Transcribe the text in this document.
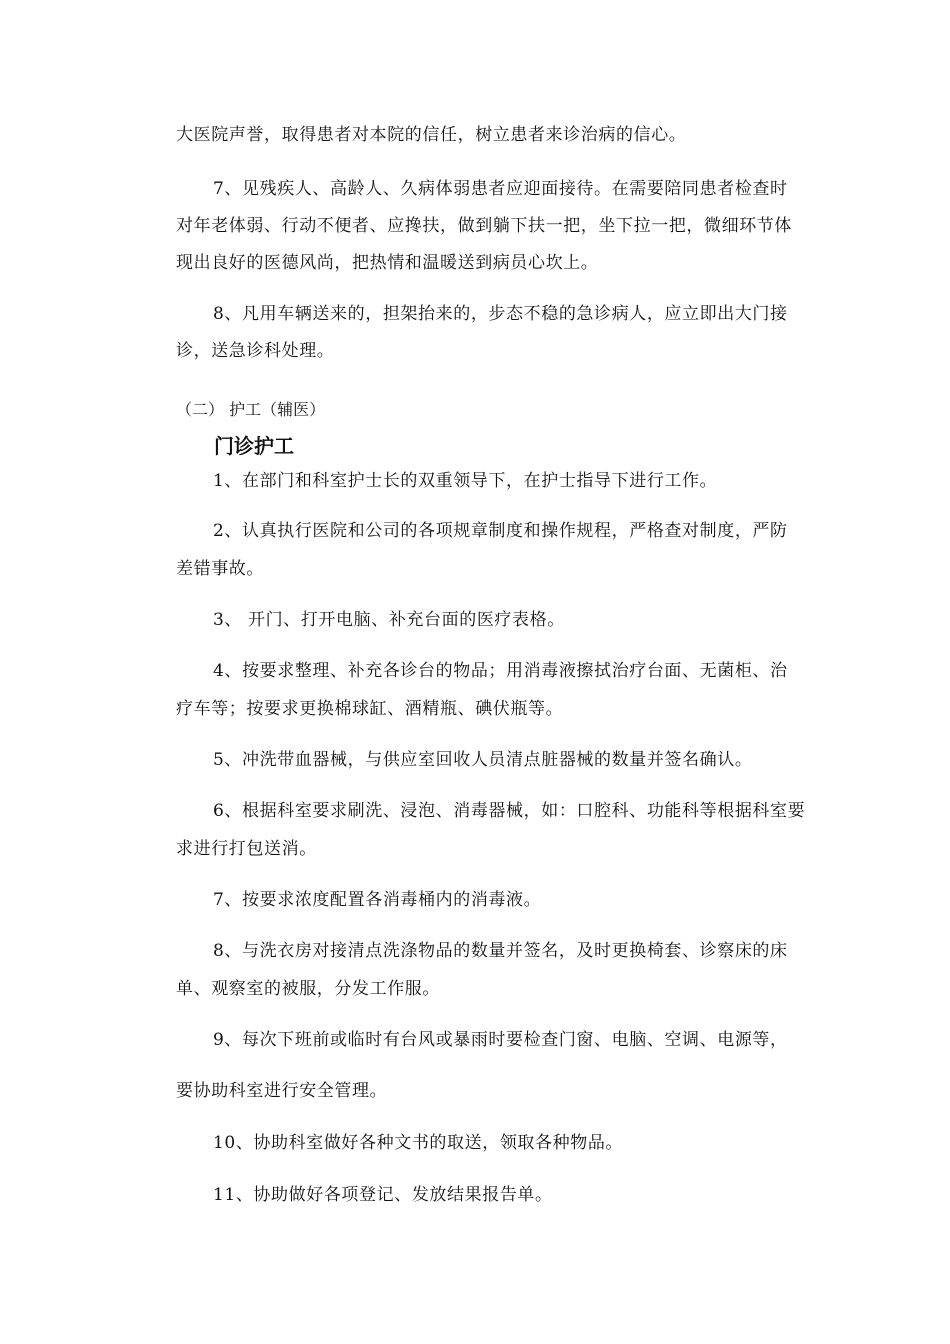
大医院声誉，取得患者对本院的信任，树立患者来诊治病的信心。
7、见残疾人、高龄人、久病体弱患者应迎面接待。在需要陪同患者检查时
对年老体弱、行动不便者、应搀扶，做到躺下扶一把，坐下拉一把，微细环节体
现出良好的医德风尚，把热情和温暖送到病员心坎上。
8、凡用车辆送来的，担架抬来的，步态不稳的急诊病人，应立即出大门接
诊，送急诊科处理。
（二） 护工（辅医）
门诊护工
1、在部门和科室护士长的双重领导下，在护士指导下进行工作。
2、认真执行医院和公司的各项规章制度和操作规程，严格查对制度，严防
差错事故。
3、 开门、打开电脑、补充台面的医疗表格。
4、按要求整理、补充各诊台的物品；用消毒液擦拭治疗台面、无菌柜、治
疗车等；按要求更换棉球缸、酒精瓶、碘伏瓶等。
5、冲洗带血器械，与供应室回收人员清点脏器械的数量并签名确认。
6、根据科室要求刷洗、浸泡、消毒器械，如：口腔科、功能科等根据科室要
求进行打包送消。
7、按要求浓度配置各消毒桶内的消毒液。
8、与洗衣房对接清点洗涤物品的数量并签名，及时更换椅套、诊察床的床
单、观察室的被服，分发工作服。
9、每次下班前或临时有台风或暴雨时要检查门窗、电脑、空调、电源等，
要协助科室进行安全管理。
10、协助科室做好各种文书的取送，领取各种物品。
11、协助做好各项登记、发放结果报告单。
